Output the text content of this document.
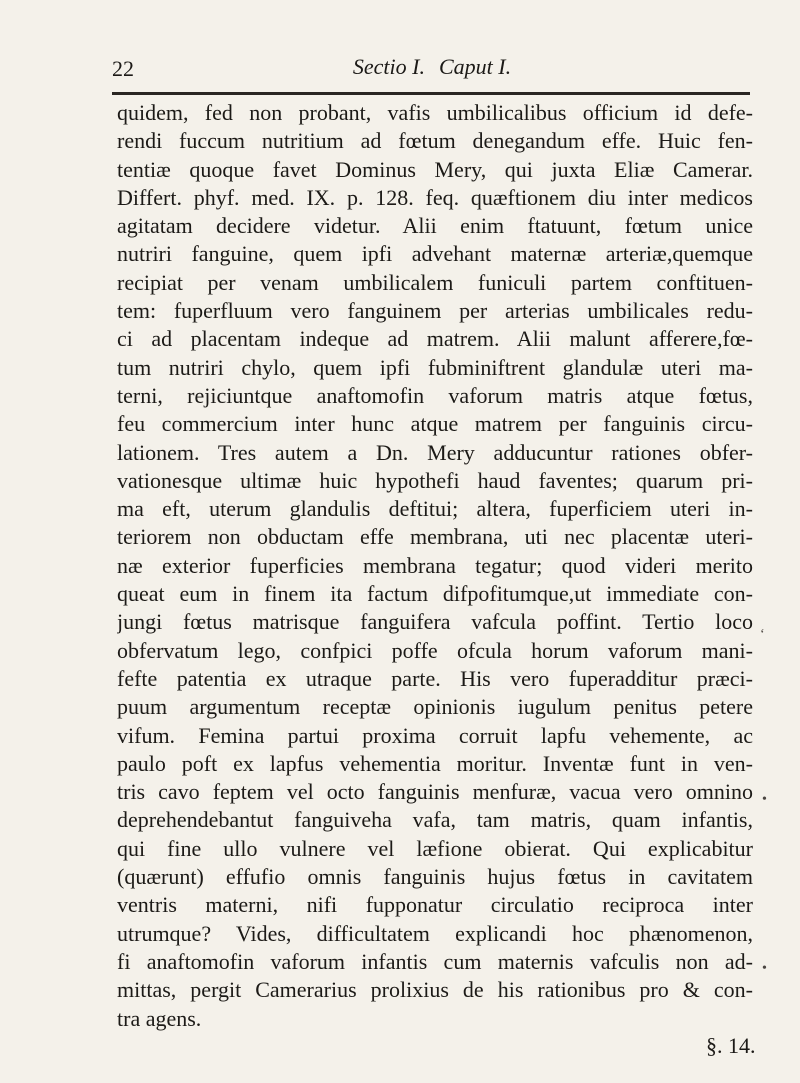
22	Sectio I. Caput I.
quidem, fed non probant, vafis umbilicalibus officium id defe-
rendi fuccum nutritium ad fœtum denegandum effe. Huic fen-
tentiæ quoque favet Dominus Mery, qui juxta Eliæ Camerar.
Differt. phyf. med. IX. p. 128. feq. quæftionem diu inter medicos
agitatam decidere videtur. Alii enim ftatuunt, fœtum unice
nutriri fanguine, quem ipfi advehant maternæ arteriæ,quemque
recipiat per venam umbilicalem funiculi partem conftituen-
tem: fuperfluum vero fanguinem per arterias umbilicales redu-
ci ad placentam indeque ad matrem. Alii malunt afferere,fœ-
tum nutriri chylo, quem ipfi fubminiftrent glandulæ uteri ma-
terni, rejiciuntque anaftomofin vaforum matris atque fœtus,
feu commercium inter hunc atque matrem per fanguinis circu-
lationem. Tres autem a Dn. Mery adducuntur rationes obfer-
vationesque ultimæ huic hypothefi haud faventes; quarum pri-
ma eft, uterum glandulis deftitui; altera, fuperficiem uteri in-
teriorem non obductam effe membrana, uti nec placentæ uteri-
næ exterior fuperficies membrana tegatur; quod videri merito
queat eum in finem ita factum difpofitumque,ut immediate con-
jungi fœtus matrisque fanguifera vafcula poffint. Tertio loco
obfervatum lego, confpici poffe ofcula horum vaforum mani-
fefte patentia ex utraque parte. His vero fuperadditur præci-
puum argumentum receptæ opinionis iugulum penitus petere
vifum. Femina partui proxima corruit lapfu vehemente, ac
paulo poft ex lapfus vehementia moritur. Inventæ funt in ven-
tris cavo feptem vel octo fanguinis menfuræ, vacua vero omnino
deprehendebantut fanguiveha vafa, tam matris, quam infantis,
qui fine ullo vulnere vel læfione obierat. Qui explicabitur
(quærunt) effufio omnis fanguinis hujus fœtus in cavitatem
ventris materni, nifi fupponatur circulatio reciproca inter
utrumque? Vides, difficultatem explicandi hoc phænomenon,
fi anaftomofin vaforum infantis cum maternis vafculis non ad-
mittas, pergit Camerarius prolixius de his rationibus pro & con-
tra agens.
§. 14.
‘
•
•
